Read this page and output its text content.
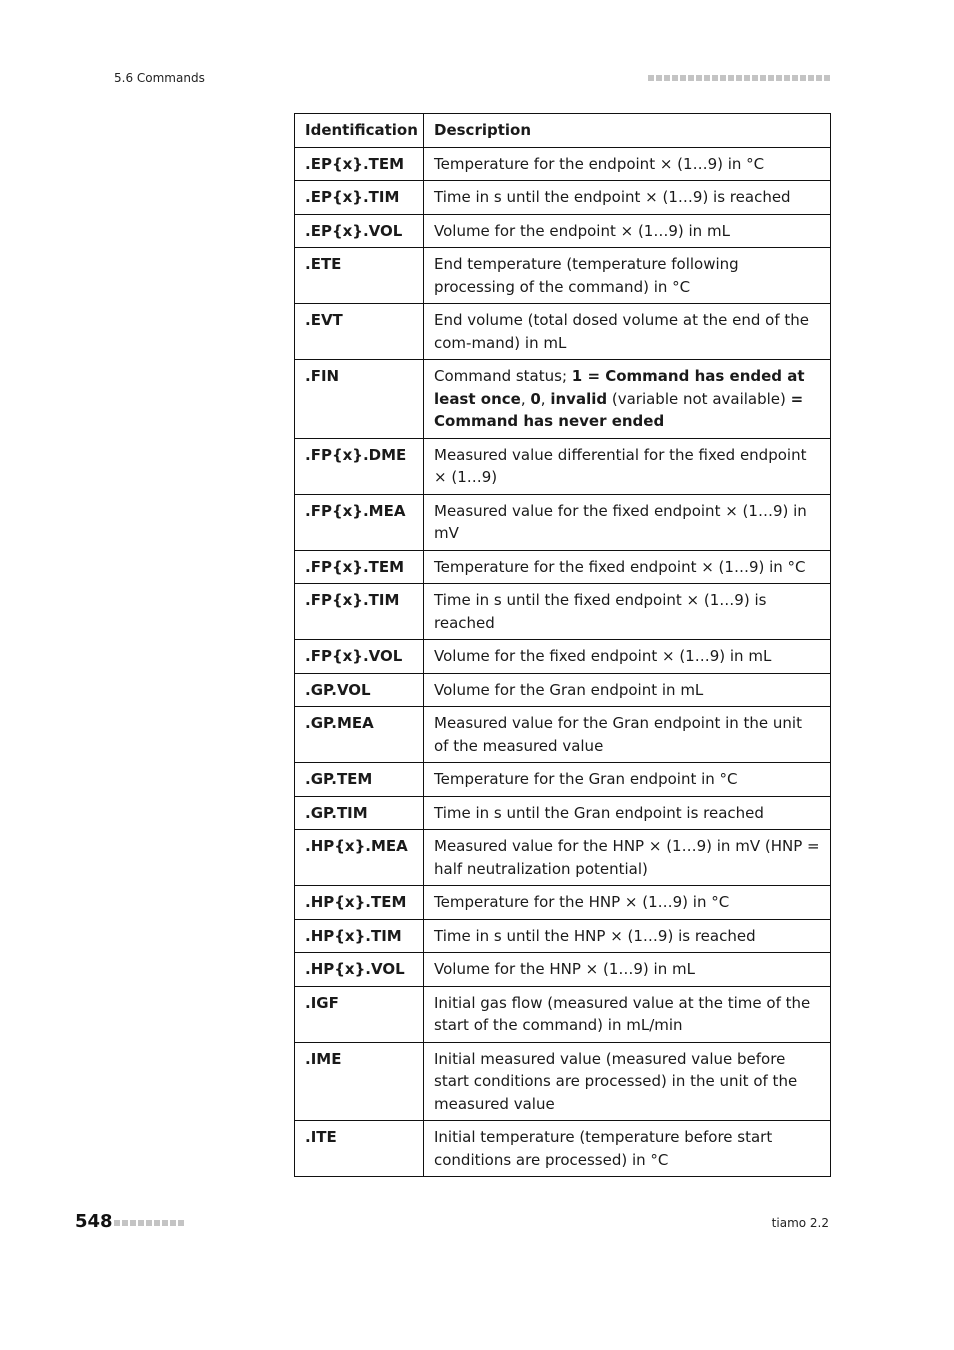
5.6 Commands
Identification	Description
.EP{x}.TEM	Temperature for the endpoint × (1…9) in °C
.EP{x}.TIM	Time in s until the endpoint × (1…9) is reached
.EP{x}.VOL	Volume for the endpoint × (1…9) in mL
.ETE	End temperature (temperature following processing of the command) in °C
.EVT	End volume (total dosed volume at the end of the com-mand) in mL
.FIN	Command status; 1 = Command has ended at least once, 0, invalid (variable not available) = Command has never ended
.FP{x}.DME	Measured value differential for the fixed endpoint × (1…9)
.FP{x}.MEA	Measured value for the fixed endpoint × (1…9) in mV
.FP{x}.TEM	Temperature for the fixed endpoint × (1…9) in °C
.FP{x}.TIM	Time in s until the fixed endpoint × (1…9) is reached
.FP{x}.VOL	Volume for the fixed endpoint × (1…9) in mL
.GP.VOL	Volume for the Gran endpoint in mL
.GP.MEA	Measured value for the Gran endpoint in the unit of the measured value
.GP.TEM	Temperature for the Gran endpoint in °C
.GP.TIM	Time in s until the Gran endpoint is reached
.HP{x}.MEA	Measured value for the HNP × (1…9) in mV (HNP = half neutralization potential)
.HP{x}.TEM	Temperature for the HNP × (1…9) in °C
.HP{x}.TIM	Time in s until the HNP × (1…9) is reached
.HP{x}.VOL	Volume for the HNP × (1…9) in mL
.IGF	Initial gas flow (measured value at the time of the start of the command) in mL/min
.IME	Initial measured value (measured value before start conditions are processed) in the unit of the measured value
.ITE	Initial temperature (temperature before start conditions are processed) in °C
548	tiamo 2.2
